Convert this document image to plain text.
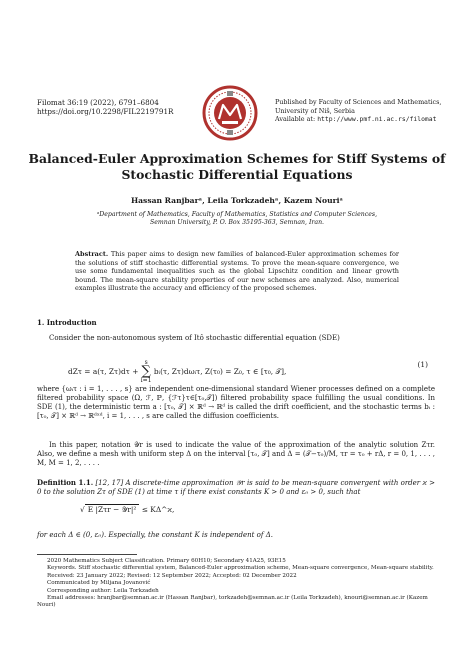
Filomat 36:19 (2022), 6791–6804
https://doi.org/10.2298/FIL2219791R
Published by Faculty of Sciences and Mathematics,
University of Niš, Serbia
Available at: http://www.pmf.ni.ac.rs/filomat
Balanced-Euler Approximation Schemes for Stiff Systems of Stochastic Differential Equations
Hassan Ranjbarᵃ, Leila Torkzadehᵃ, Kazem Nouriᵃ
ᵃDepartment of Mathematics, Faculty of Mathematics, Statistics and Computer Sciences,
Semnan University, P. O. Box 35195-363, Semnan, Iran.
Abstract. This paper aims to design new families of balanced-Euler approximation schemes for the solutions of stiff stochastic differential systems. To prove the mean-square convergence, we use some fundamental inequalities such as the global Lipschitz condition and linear growth bound. The mean-square stability properties of our new schemes are analyzed. Also, numerical examples illustrate the accuracy and efficiency of the proposed schemes.
1. Introduction
Consider the non-autonomous system of Itô stochastic differential equation (SDE)
dZτ = a(τ, Zτ)dτ + s
∑
i=1 bᵢ(τ, Zτ)dωᵢτ, Z(τ₀) = Z₀, τ ∈ [τ₀, 𝒯],
(1)
where {ωᵢτ : i = 1, . . . , s} are independent one-dimensional standard Wiener processes defined on a complete filtered probability space (Ω, ℱ, ℙ, {ℱτ}τ∈[τ₀,𝒯]) filtered probability space fulfilling the usual conditions. In SDE (1), the deterministic term a : [τ₀, 𝒯] × ℝᵈ → ℝᵈ is called the drift coefficient, and the stochastic terms bᵢ : [τ₀, 𝒯] × ℝᵈ → ℝᵈˣᵈ, i = 1, . . . , s are called the diffusion coefficients.
In this paper, notation 𝒴r is used to indicate the value of the approximation of the analytic solution Zτr. Also, we define a mesh with uniform step Δ on the interval [τ₀, 𝒯] and Δ = (𝒯−τ₀)/M, τr = τ₀ + rΔ, r = 0, 1, . . . , M, M = 1, 2, . . . .
Definition 1.1. [12, 17] A discrete-time approximation 𝒴r is said to be mean-square convergent with order ϰ > 0 to the solution Zτ of SDE (1) at time τ if there exist constants K > 0 and ε₀ > 0, such that
√ E |Zτr − 𝒴r|² ≤ KΔ^ϰ,
for each Δ ∈ (0, ε₀). Especially, the constant K is independent of Δ.
2020 Mathematics Subject Classification. Primary 60H10; Secondary 41A25, 93E15
Keywords. Stiff stochastic differential system, Balanced-Euler approximation scheme, Mean-square convergence, Mean-square stability.
Received: 23 January 2022; Revised: 12 September 2022; Accepted: 02 December 2022
Communicated by Miljana Jovanović
Corresponding author: Leila Torkzadeh
Email addresses: hranjbar@semnan.ac.ir (Hassan Ranjbar), torkzadeh@semnan.ac.ir (Leila Torkzadeh), knouri@semnan.ac.ir (Kazem Nouri)
